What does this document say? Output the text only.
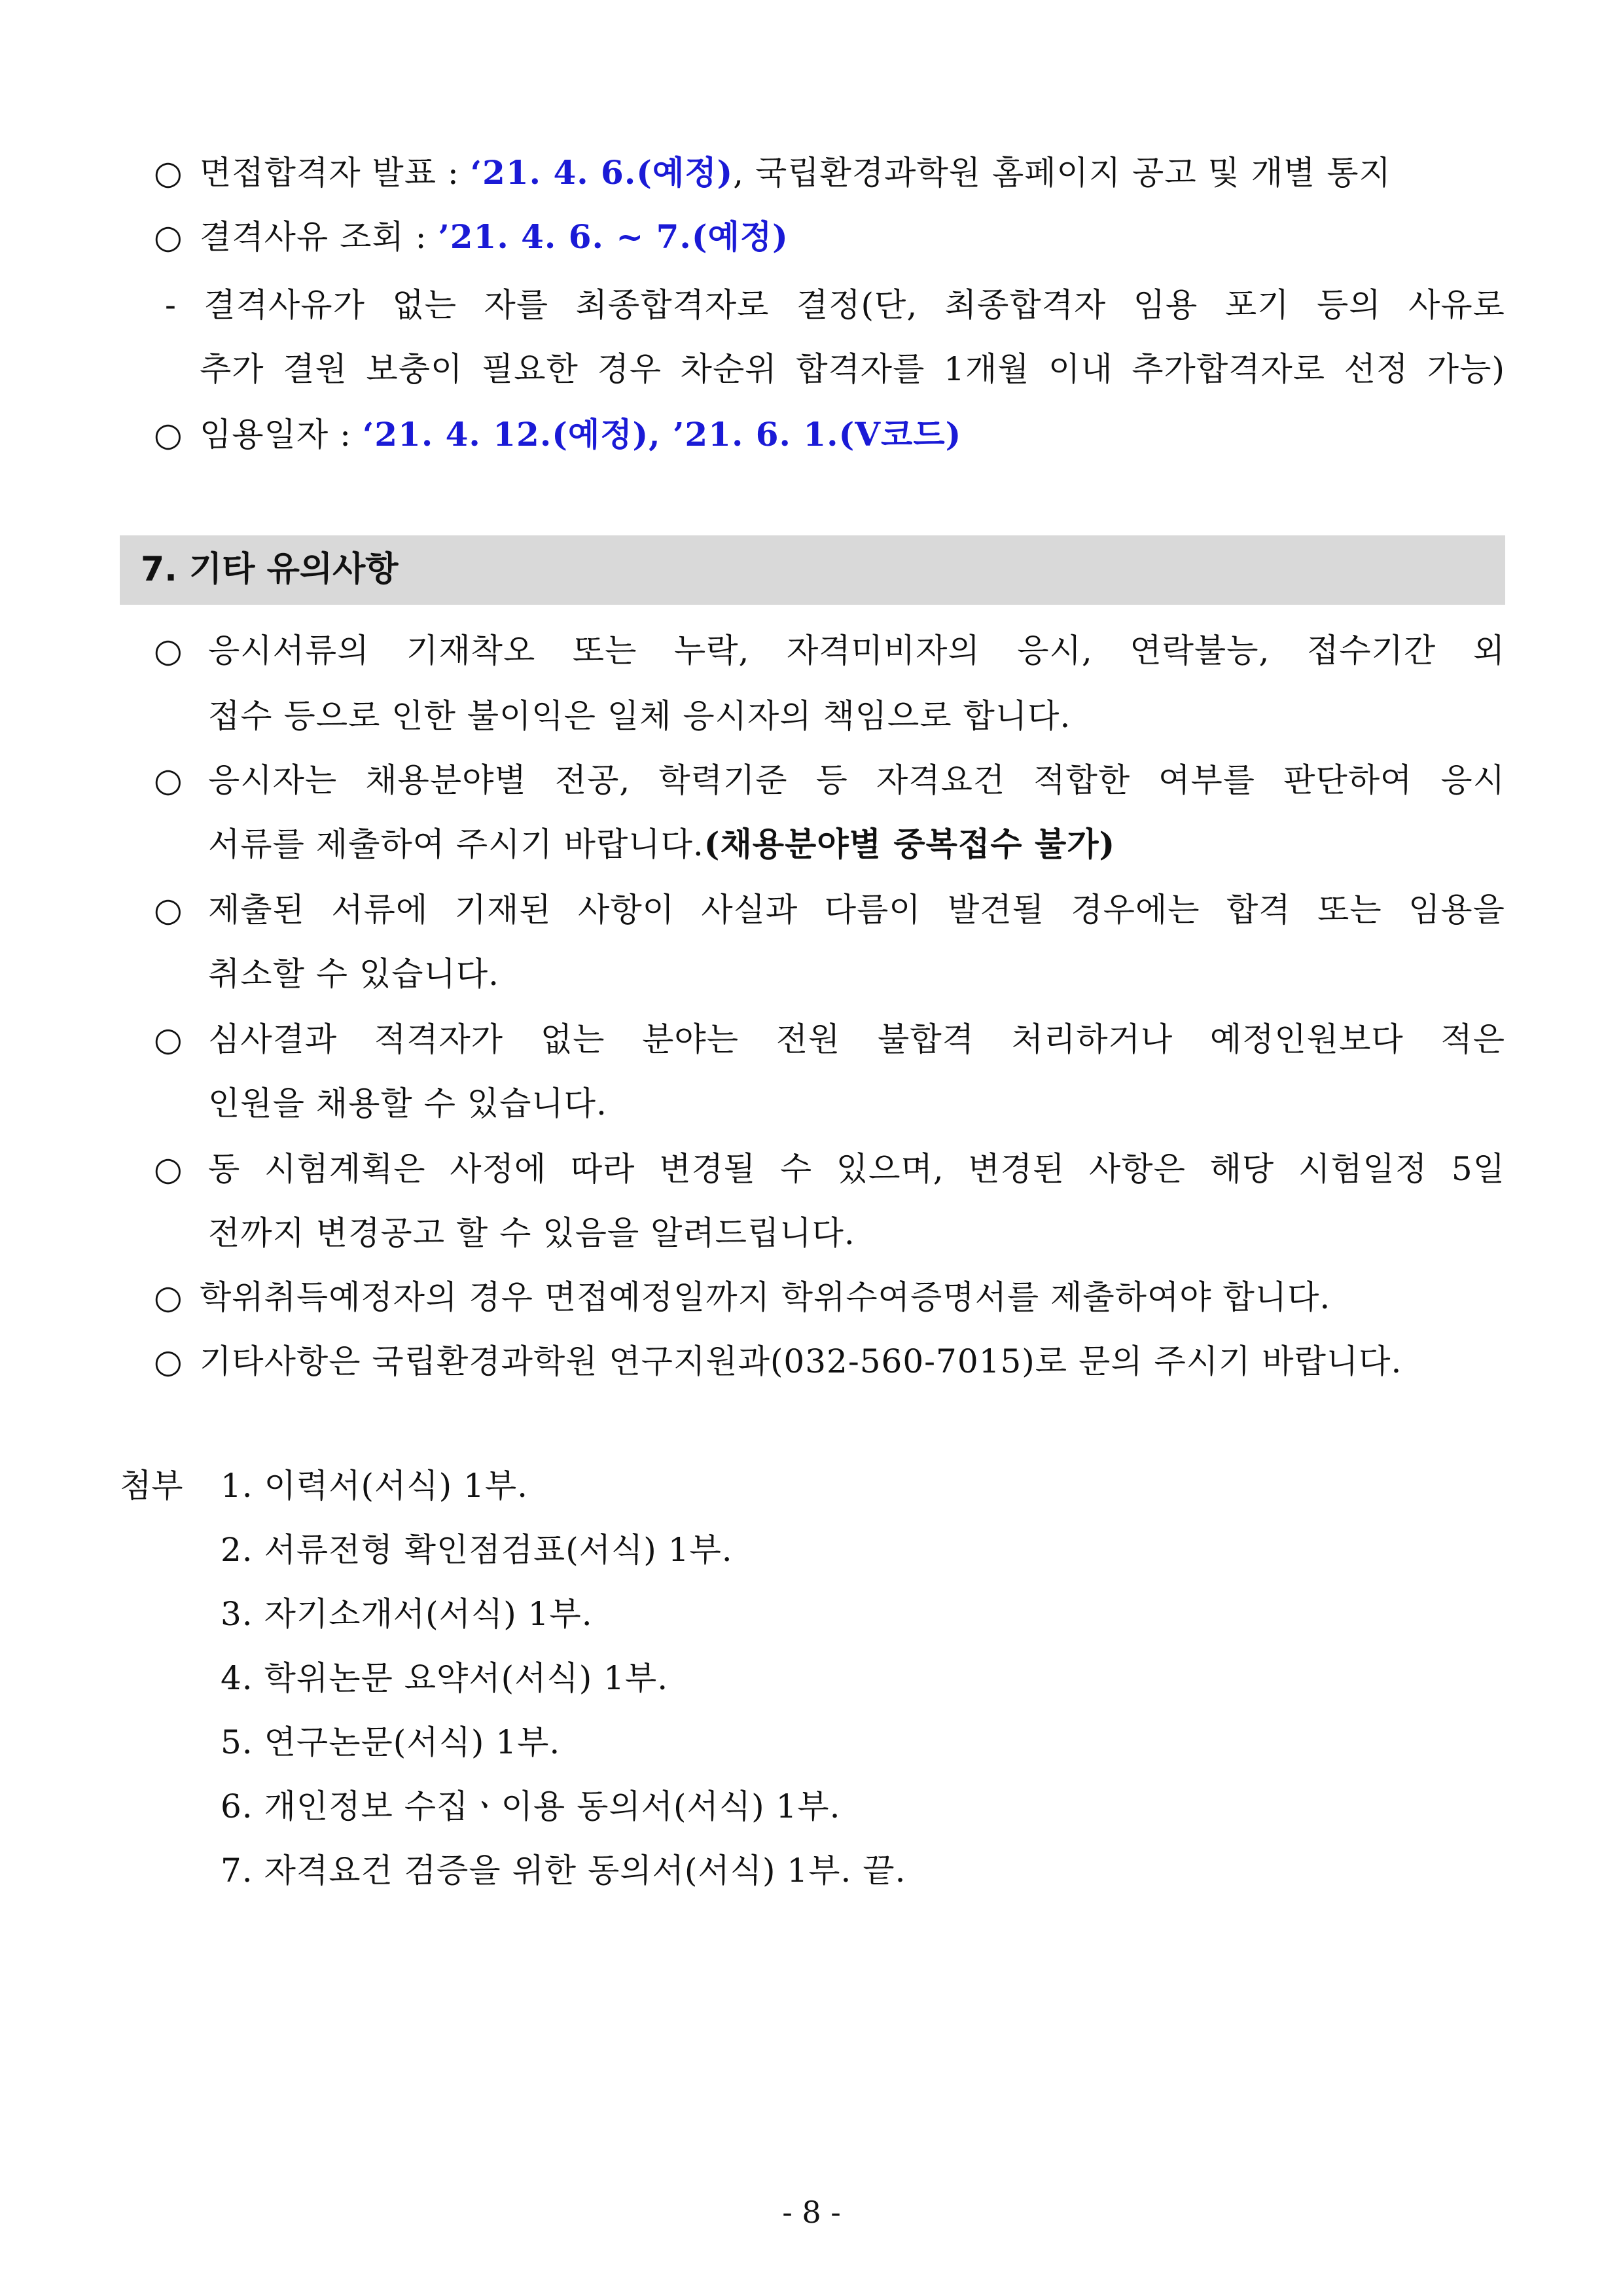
○ 면접합격자 발표 : ‘21. 4. 6.(예정), 국립환경과학원 홈페이지 공고 및 개별 통지
○ 결격사유 조회 : ’21. 4. 6. ~ 7.(예정)
- 결격사유가 없는 자를 최종합격자로 결정(단, 최종합격자 임용 포기 등의 사유로
추가 결원 보충이 필요한 경우 차순위 합격자를 1개월 이내 추가합격자로 선정 가능)
○ 임용일자 : ‘21. 4. 12.(예정), ’21. 6. 1.(V코드)
7. 기타 유의사항
○ 응시서류의 기재착오 또는 누락, 자격미비자의 응시, 연락불능, 접수기간 외
접수 등으로 인한 불이익은 일체 응시자의 책임으로 합니다.
○ 응시자는 채용분야별 전공, 학력기준 등 자격요건 적합한 여부를 판단하여 응시
서류를 제출하여 주시기 바랍니다.(채용분야별 중복접수 불가)
○ 제출된 서류에 기재된 사항이 사실과 다름이 발견될 경우에는 합격 또는 임용을
취소할 수 있습니다.
○ 심사결과 적격자가 없는 분야는 전원 불합격 처리하거나 예정인원보다 적은
인원을 채용할 수 있습니다.
○ 동 시험계획은 사정에 따라 변경될 수 있으며, 변경된 사항은 해당 시험일정 5일
전까지 변경공고 할 수 있음을 알려드립니다.
○ 학위취득예정자의 경우 면접예정일까지 학위수여증명서를 제출하여야 합니다.
○ 기타사항은 국립환경과학원 연구지원과(032-560-7015)로 문의 주시기 바랍니다.
첨부 1. 이력서(서식) 1부.
2. 서류전형 확인점검표(서식) 1부.
3. 자기소개서(서식) 1부.
4. 학위논문 요약서(서식) 1부.
5. 연구논문(서식) 1부.
6. 개인정보 수집ㆍ이용 동의서(서식) 1부.
7. 자격요건 검증을 위한 동의서(서식) 1부. 끝.
- 8 -
